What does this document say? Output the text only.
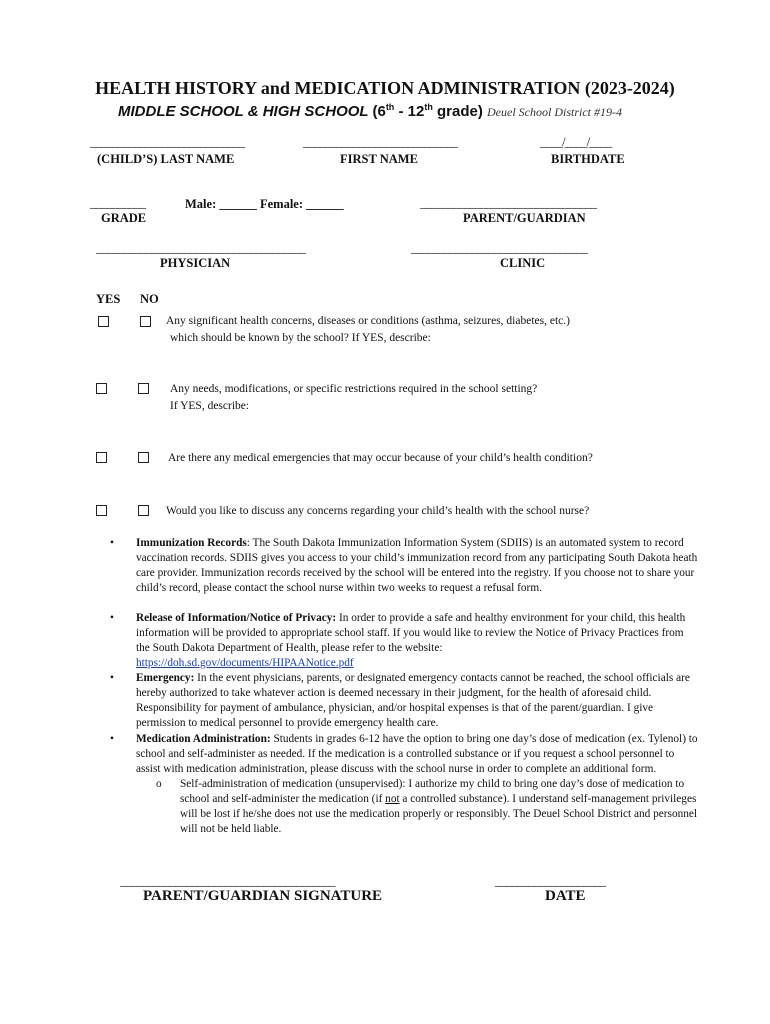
HEALTH HISTORY and MEDICATION ADMINISTRATION (2023-2024)
MIDDLE SCHOOL & HIGH SCHOOL (6th - 12th grade) Deuel School District #19-4
____________________________	____________________________	____/____/____
(CHILD’S) LAST NAME	FIRST NAME	BIRTHDATE
__________	Male: ______ Female: ______	________________________________
GRADE	PARENT/GUARDIAN
______________________________________	________________________________
PHYSICIAN	CLINIC
YES NO
Any significant health concerns, diseases or conditions (asthma, seizures, diabetes, etc.)
which should be known by the school? If YES, describe:
Any needs, modifications, or specific restrictions required in the school setting?
If YES, describe:
Are there any medical emergencies that may occur because of your child’s health condition?
Would you like to discuss any concerns regarding your child’s health with the school nurse?
• Immunization Records: The South Dakota Immunization Information System (SDIIS) is an automated system to record vaccination records. SDIIS gives you access to your child’s immunization record from any participating South Dakota heath care provider. Immunization records received by the school will be entered into the registry. If you choose not to share your child’s record, please contact the school nurse within two weeks to request a refusal form.
• Release of Information/Notice of Privacy: In order to provide a safe and healthy environment for your child, this health information will be provided to appropriate school staff. If you would like to review the Notice of Privacy Practices from the South Dakota Department of Health, please refer to the website:
https://doh.sd.gov/documents/HIPAANotice.pdf
• Emergency: In the event physicians, parents, or designated emergency contacts cannot be reached, the school officials are hereby authorized to take whatever action is deemed necessary in their judgment, for the health of aforesaid child. Responsibility for payment of ambulance, physician, and/or hospital expenses is that of the parent/guardian. I give permission to medical personnel to provide emergency health care.
• Medication Administration: Students in grades 6-12 have the option to bring one day’s dose of medication (ex. Tylenol) to school and self-administer as needed. If the medication is a controlled substance or if you request a school personnel to assist with medication administration, please discuss with the school nurse in order to complete an additional form.
o Self-administration of medication (unsupervised): I authorize my child to bring one day’s dose of medication to school and self-administer the medication (if not a controlled substance). I understand self-management privileges will be lost if he/she does not use the medication properly or responsibly. The Deuel School District and personnel will not be held liable.
_______________________________________	____________________
PARENT/GUARDIAN SIGNATURE	DATE
